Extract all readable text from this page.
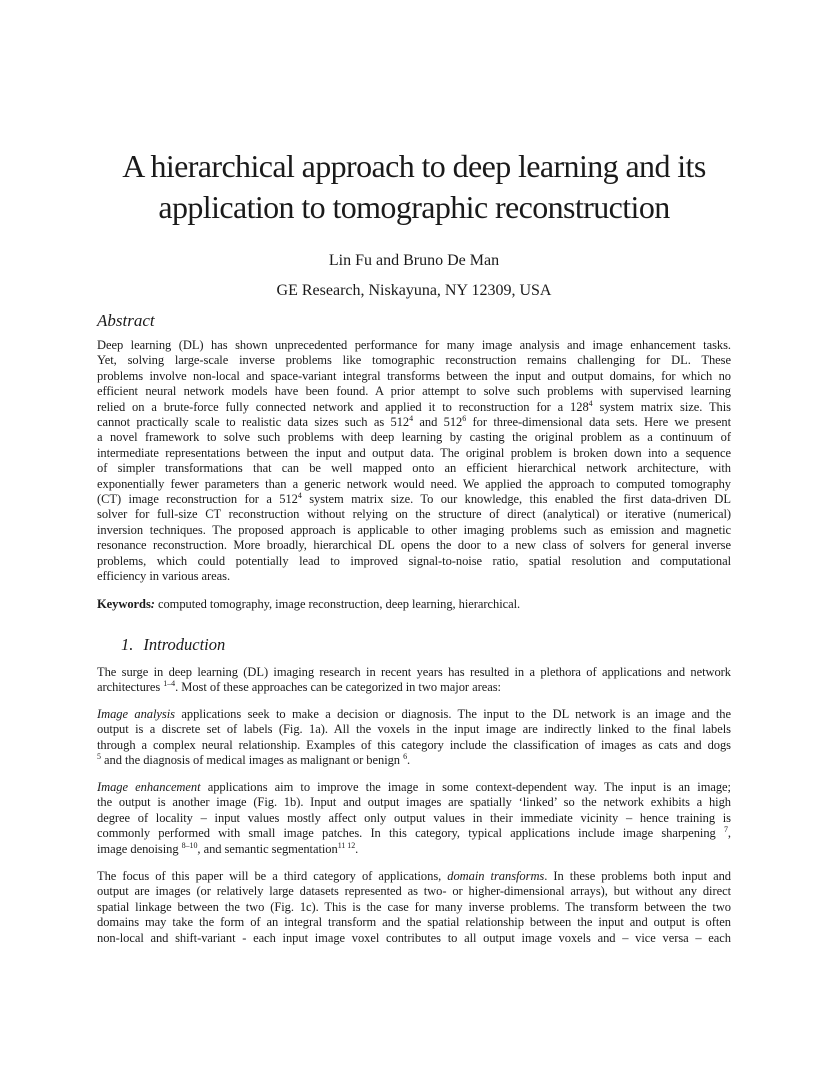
A hierarchical approach to deep learning and its
application to tomographic reconstruction
Lin Fu and Bruno De Man
GE Research, Niskayuna, NY 12309, USA
Abstract
Deep learning (DL) has shown unprecedented performance for many image analysis and image enhancement tasks.
Yet, solving large-scale inverse problems like tomographic reconstruction remains challenging for DL. These
problems involve non-local and space-variant integral transforms between the input and output domains, for which no
efficient neural network models have been found. A prior attempt to solve such problems with supervised learning
relied on a brute-force fully connected network and applied it to reconstruction for a $128^4$ system matrix size. This
cannot practically scale to realistic data sizes such as $512^4$ and $512^6$ for three-dimensional data sets. Here we present
a novel framework to solve such problems with deep learning by casting the original problem as a continuum of
intermediate representations between the input and output data. The original problem is broken down into a sequence
of simpler transformations that can be well mapped onto an efficient hierarchical network architecture, with
exponentially fewer parameters than a generic network would need. We applied the approach to computed tomography
(CT) image reconstruction for a $512^4$ system matrix size. To our knowledge, this enabled the first data-driven DL
solver for full-size CT reconstruction without relying on the structure of direct (analytical) or iterative (numerical)
inversion techniques. The proposed approach is applicable to other imaging problems such as emission and magnetic
resonance reconstruction. More broadly, hierarchical DL opens the door to a new class of solvers for general inverse
problems, which could potentially lead to improved signal-to-noise ratio, spatial resolution and computational
efficiency in various areas.
Keywords: computed tomography, image reconstruction, deep learning, hierarchical.
1. Introduction
The surge in deep learning (DL) imaging research in recent years has resulted in a plethora of applications and network
architectures $^{1-4}$. Most of these approaches can be categorized in two major areas:
Image analysis applications seek to make a decision or diagnosis. The input to the DL network is an image and the
output is a discrete set of labels (Fig. 1a). All the voxels in the input image are indirectly linked to the final labels
through a complex neural relationship. Examples of this category include the classification of images as cats and dogs
$^5$ and the diagnosis of medical images as malignant or benign $^6$.
Image enhancement applications aim to improve the image in some context-dependent way. The input is an image;
the output is another image (Fig. 1b). Input and output images are spatially ‘linked’ so the network exhibits a high
degree of locality – input values mostly affect only output values in their immediate vicinity – hence training is
commonly performed with small image patches. In this category, typical applications include image sharpening $^7$,
image denoising $^{8-10}$, and semantic segmentation$^{11 12}$.
The focus of this paper will be a third category of applications, domain transforms. In these problems both input and
output are images (or relatively large datasets represented as two- or higher-dimensional arrays), but without any direct
spatial linkage between the two (Fig. 1c). This is the case for many inverse problems. The transform between the two
domains may take the form of an integral transform and the spatial relationship between the input and output is often
non-local and shift-variant - each input image voxel contributes to all output image voxels and – vice versa – each
